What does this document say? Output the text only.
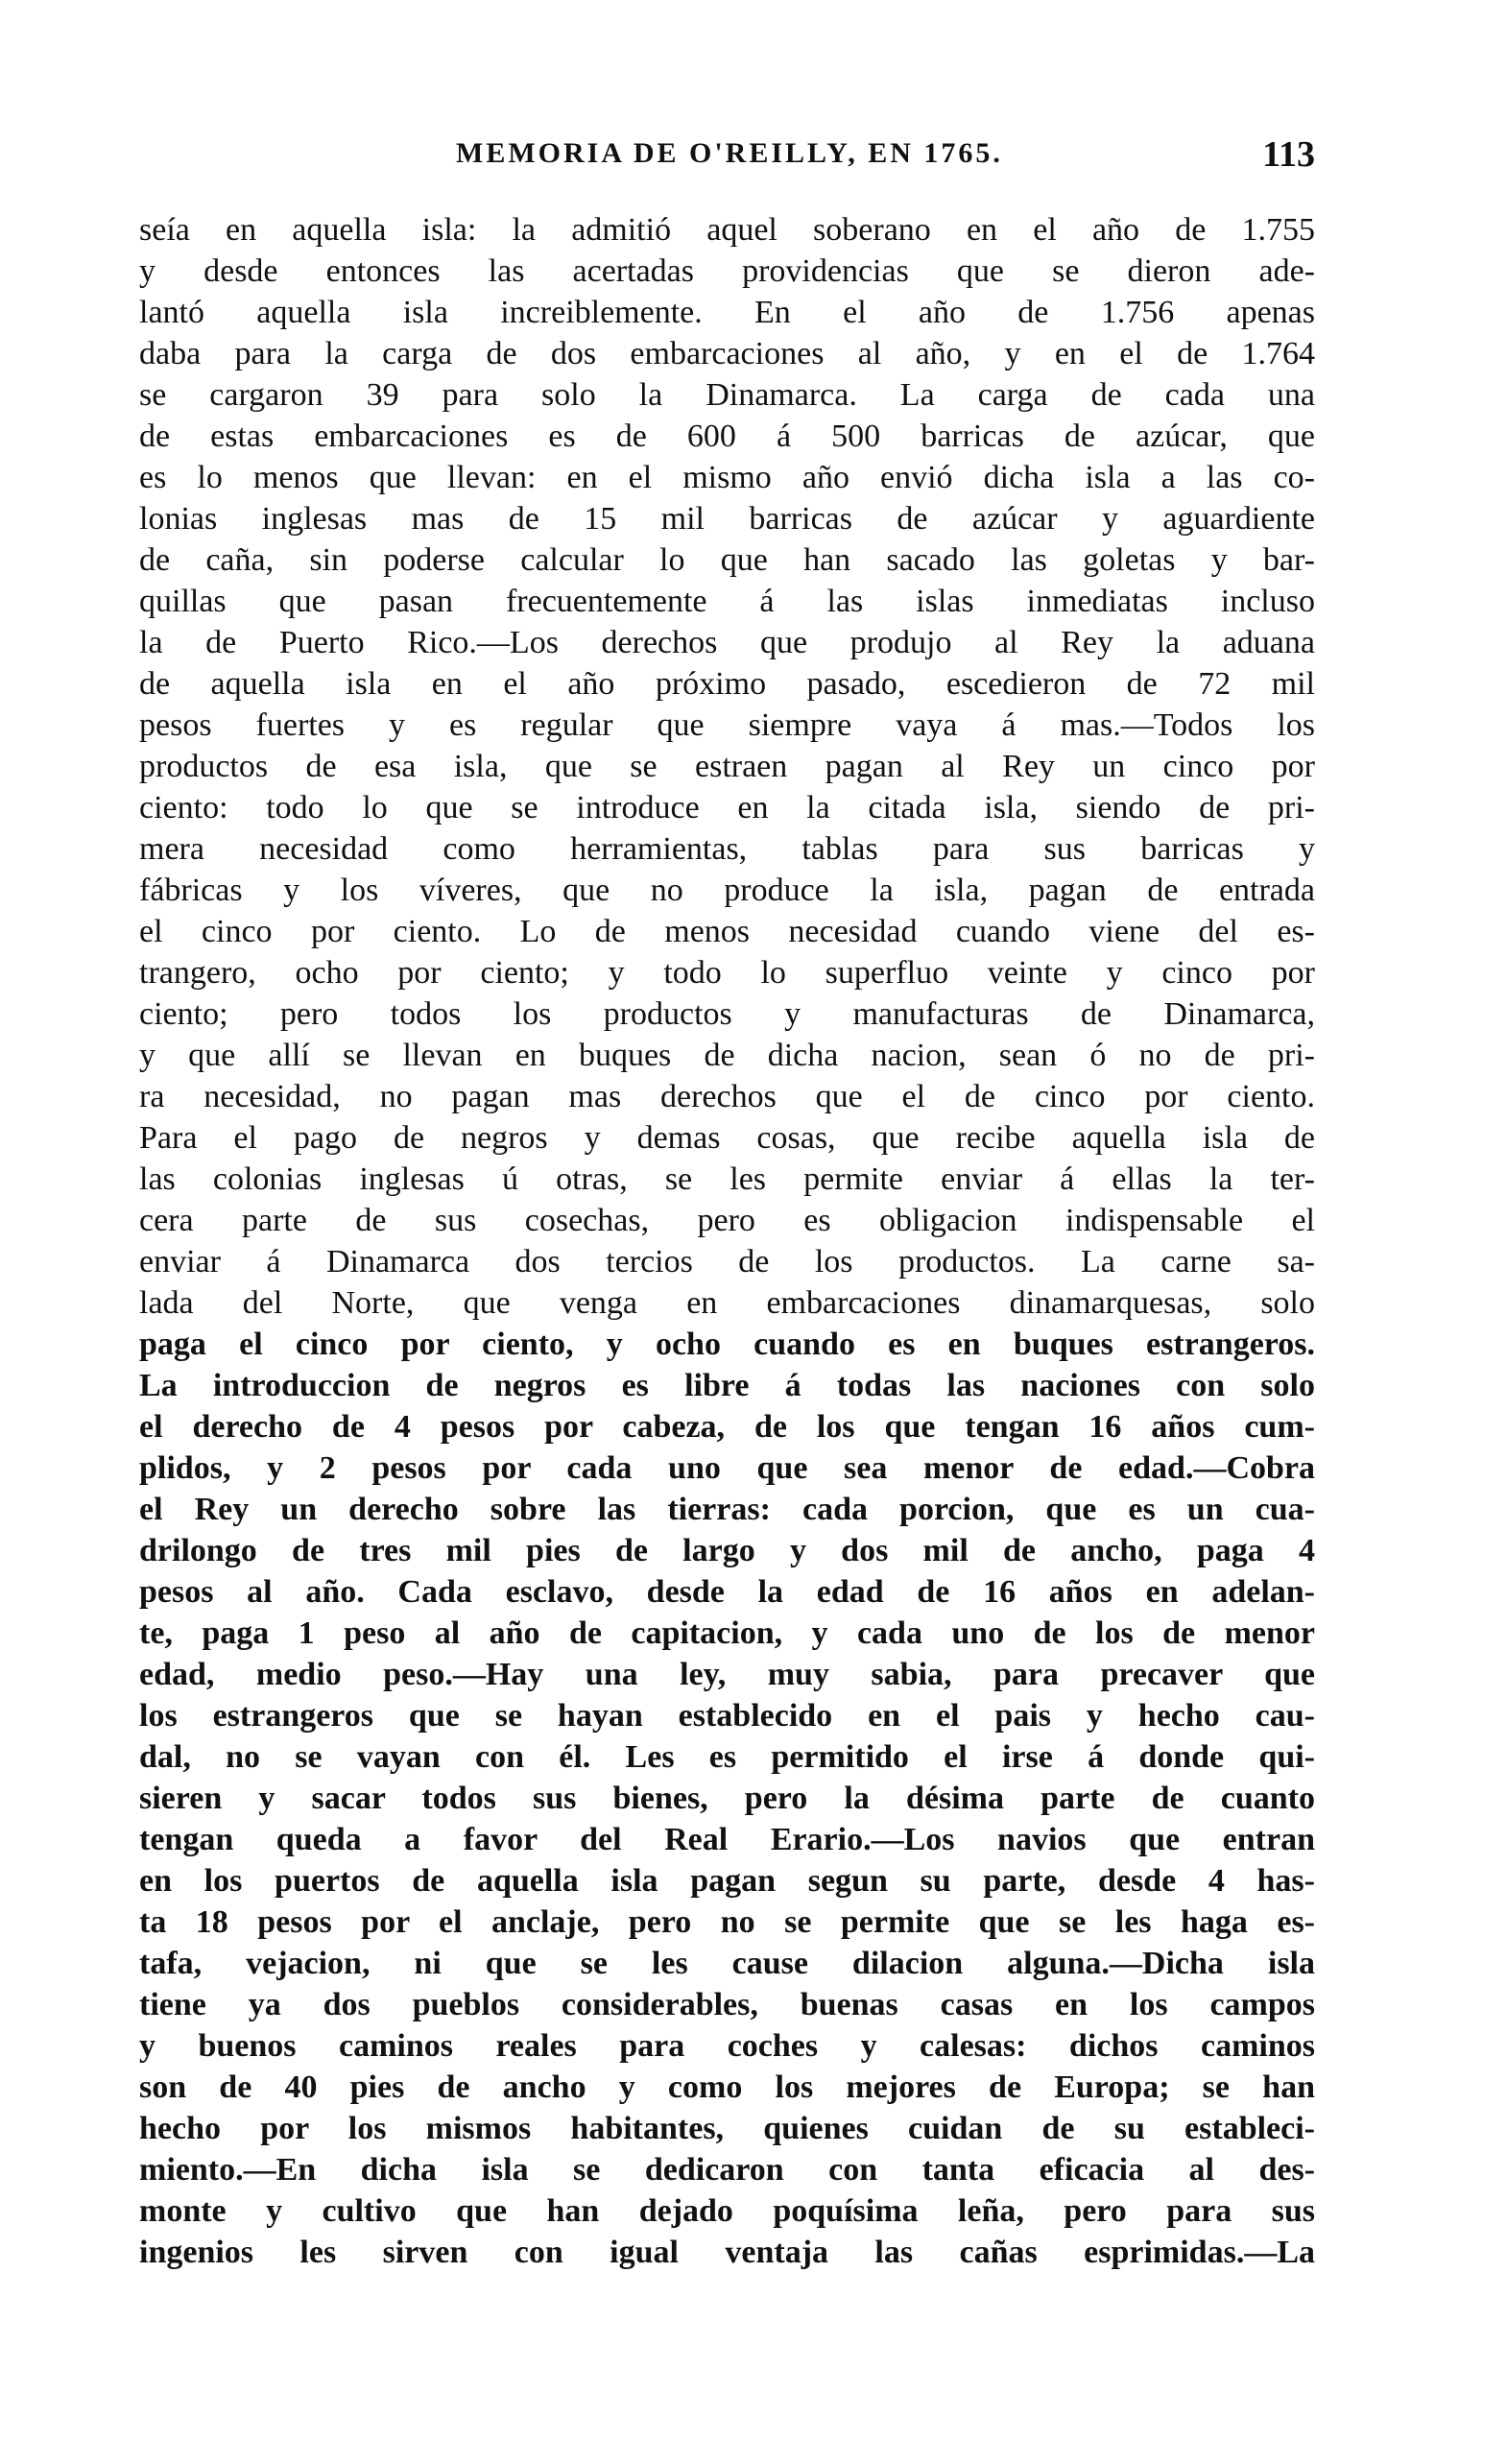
MEMORIA DE O'REILLY, EN 1765.	113
seía en aquella isla: la admitió aquel soberano en el año de 1.755
y desde entonces las acertadas providencias que se dieron ade-
lantó aquella isla increiblemente. En el año de 1.756 apenas
daba para la carga de dos embarcaciones al año, y en el de 1.764
se cargaron 39 para solo la Dinamarca. La carga de cada una
de estas embarcaciones es de 600 á 500 barricas de azúcar, que
es lo menos que llevan: en el mismo año envió dicha isla a las co-
lonias inglesas mas de 15 mil barricas de azúcar y aguardiente
de caña, sin poderse calcular lo que han sacado las goletas y bar-
quillas que pasan frecuentemente á las islas inmediatas incluso
la de Puerto Rico.—Los derechos que produjo al Rey la aduana
de aquella isla en el año próximo pasado, escedieron de 72 mil
pesos fuertes y es regular que siempre vaya á mas.—Todos los
productos de esa isla, que se estraen pagan al Rey un cinco por
ciento: todo lo que se introduce en la citada isla, siendo de pri-
mera necesidad como herramientas, tablas para sus barricas y
fábricas y los víveres, que no produce la isla, pagan de entrada
el cinco por ciento. Lo de menos necesidad cuando viene del es-
trangero, ocho por ciento; y todo lo superfluo veinte y cinco por
ciento; pero todos los productos y manufacturas de Dinamarca,
y que allí se llevan en buques de dicha nacion, sean ó no de pri-
ra necesidad, no pagan mas derechos que el de cinco por ciento.
Para el pago de negros y demas cosas, que recibe aquella isla de
las colonias inglesas ú otras, se les permite enviar á ellas la ter-
cera parte de sus cosechas, pero es obligacion indispensable el
enviar á Dinamarca dos tercios de los productos. La carne sa-
lada del Norte, que venga en embarcaciones dinamarquesas, solo
paga el cinco por ciento, y ocho cuando es en buques estrangeros.
La introduccion de negros es libre á todas las naciones con solo
el derecho de 4 pesos por cabeza, de los que tengan 16 años cum-
plidos, y 2 pesos por cada uno que sea menor de edad.—Cobra
el Rey un derecho sobre las tierras: cada porcion, que es un cua-
drilongo de tres mil pies de largo y dos mil de ancho, paga 4
pesos al año. Cada esclavo, desde la edad de 16 años en adelan-
te, paga 1 peso al año de capitacion, y cada uno de los de menor
edad, medio peso.—Hay una ley, muy sabia, para precaver que
los estrangeros que se hayan establecido en el pais y hecho cau-
dal, no se vayan con él. Les es permitido el irse á donde qui-
sieren y sacar todos sus bienes, pero la désima parte de cuanto
tengan queda a favor del Real Erario.—Los navios que entran
en los puertos de aquella isla pagan segun su parte, desde 4 has-
ta 18 pesos por el anclaje, pero no se permite que se les haga es-
tafa, vejacion, ni que se les cause dilacion alguna.—Dicha isla
tiene ya dos pueblos considerables, buenas casas en los campos
y buenos caminos reales para coches y calesas: dichos caminos
son de 40 pies de ancho y como los mejores de Europa; se han
hecho por los mismos habitantes, quienes cuidan de su estableci-
miento.—En dicha isla se dedicaron con tanta eficacia al des-
monte y cultivo que han dejado poquísima leña, pero para sus
ingenios les sirven con igual ventaja las cañas esprimidas.—La
